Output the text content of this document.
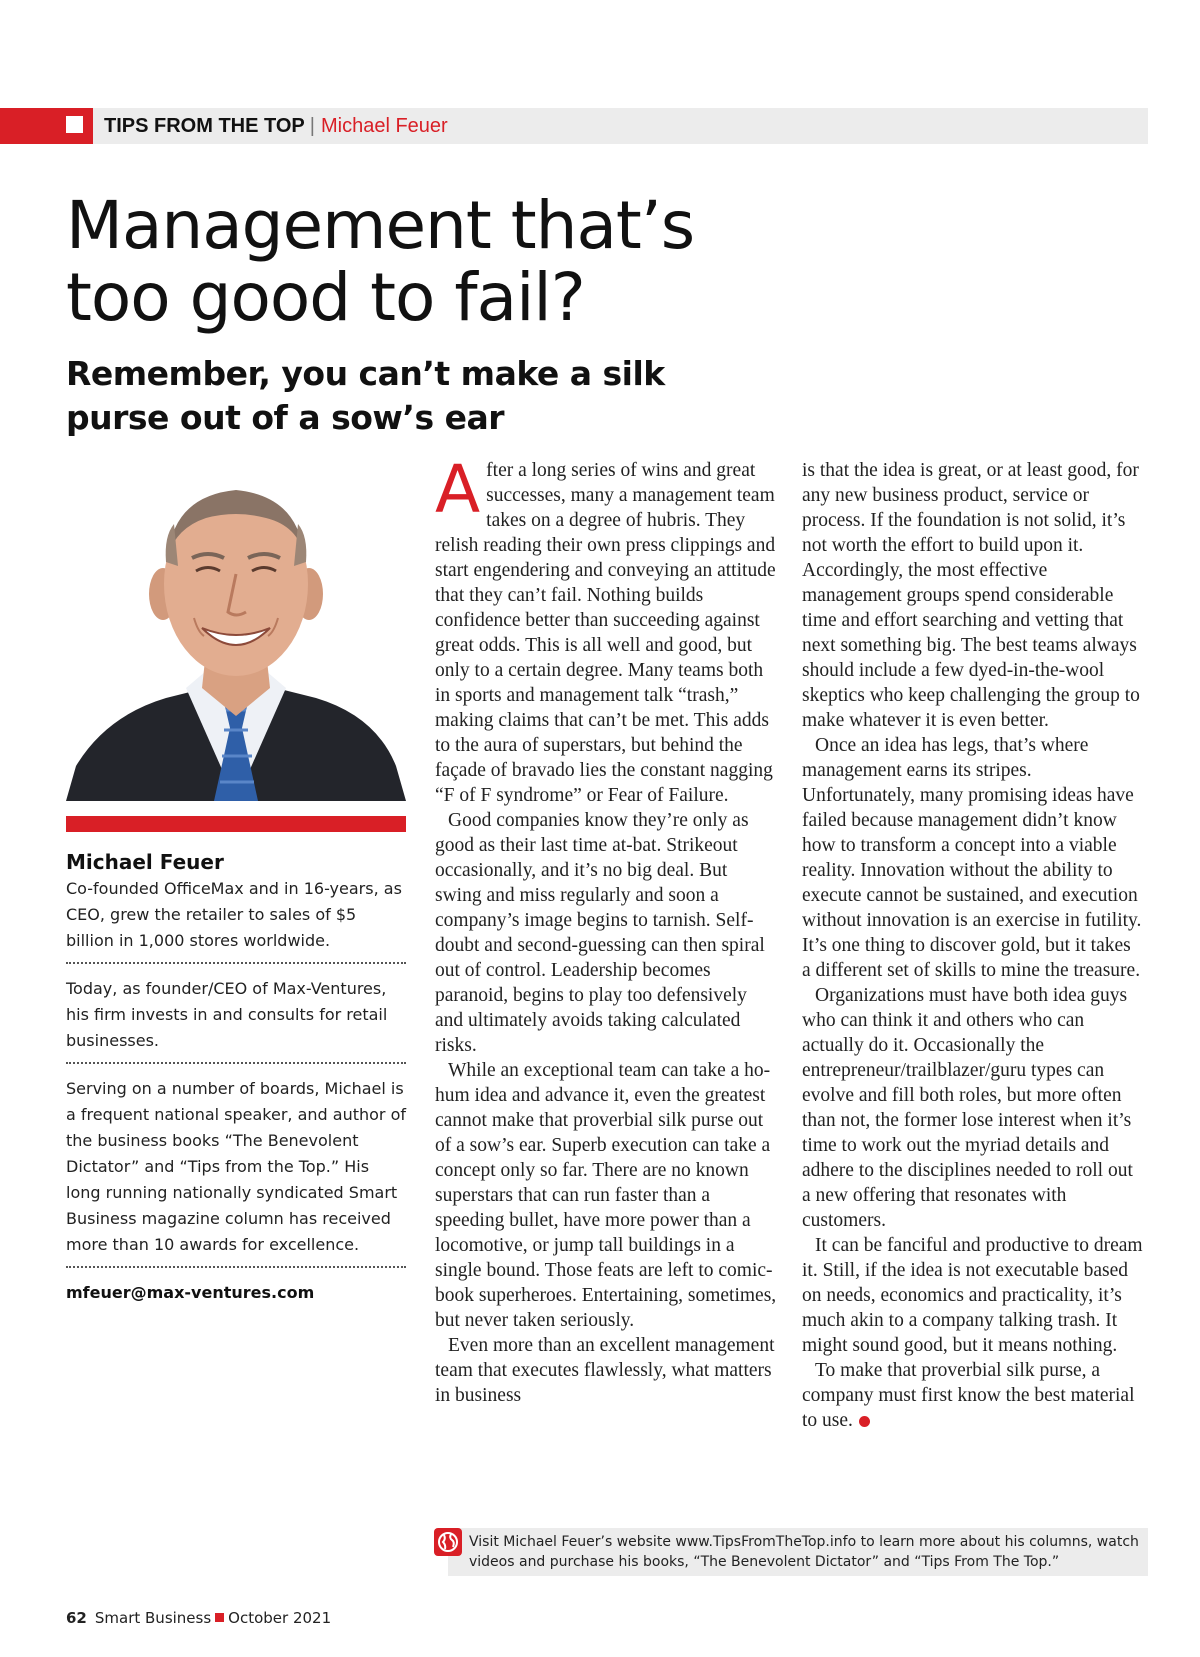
TIPS FROM THE TOP | Michael Feuer
Management that’s too good to fail?
Remember, you can’t make a silk purse out of a sow’s ear
Michael Feuer
Co-founded OfficeMax and in 16-years, as CEO, grew the retailer to sales of $5 billion in 1,000 stores worldwide.
Today, as founder/CEO of Max-Ventures, his firm invests in and consults for retail businesses.
Serving on a number of boards, Michael is a frequent national speaker, and author of the business books “The Benevolent Dictator” and “Tips from the Top.” His long running nationally syndicated Smart Business magazine column has received more than 10 awards for excellence.
mfeuer@max-ventures.com

After a long series of wins and great successes, many a management team takes on a degree of hubris. They relish reading their own press clippings and start engendering and conveying an attitude that they can’t fail. Nothing builds confidence better than succeeding against great odds. This is all well and good, but only to a certain degree. Many teams both in sports and management talk “trash,” making claims that can’t be met. This adds to the aura of superstars, but behind the façade of bravado lies the constant nagging “F of F syndrome” or Fear of Failure.

Good companies know they’re only as good as their last time at-bat. Strikeout occasionally, and it’s no big deal. But swing and miss regularly and soon a company’s image begins to tarnish. Self-doubt and second-guessing can then spiral out of control. Leadership becomes paranoid, begins to play too defensively and ultimately avoids taking calculated risks.

While an exceptional team can take a ho-hum idea and advance it, even the greatest cannot make that proverbial silk purse out of a sow’s ear. Superb execution can take a concept only so far. There are no known superstars that can run faster than a speeding bullet, have more power than a locomotive, or jump tall buildings in a single bound. Those feats are left to comic-book superheroes. Entertaining, sometimes, but never taken seriously.

Even more than an excellent management team that executes flawlessly, what matters in business

is that the idea is great, or at least good, for any new business product, service or process. If the foundation is not solid, it’s not worth the effort to build upon it. Accordingly, the most effective management groups spend considerable time and effort searching and vetting that next something big. The best teams always should include a few dyed-in-the-wool skeptics who keep challenging the group to make whatever it is even better.

Once an idea has legs, that’s where management earns its stripes. Unfortunately, many promising ideas have failed because management didn’t know how to transform a concept into a viable reality. Innovation without the ability to execute cannot be sustained, and execution without innovation is an exercise in futility. It’s one thing to discover gold, but it takes a different set of skills to mine the treasure.

Organizations must have both idea guys who can think it and others who can actually do it. Occasionally the entrepreneur/trailblazer/guru types can evolve and fill both roles, but more often than not, the former lose interest when it’s time to work out the myriad details and adhere to the disciplines needed to roll out a new offering that resonates with customers.

It can be fanciful and productive to dream it. Still, if the idea is not executable based on needs, economics and practicality, it’s much akin to a company talking trash. It might sound good, but it means nothing.

To make that proverbial silk purse, a company must first know the best material to use.

Visit Michael Feuer’s website www.TipsFromTheTop.info to learn more about his columns, watch videos and purchase his books, “The Benevolent Dictator” and “Tips From The Top.”
62 Smart Business October 2021
